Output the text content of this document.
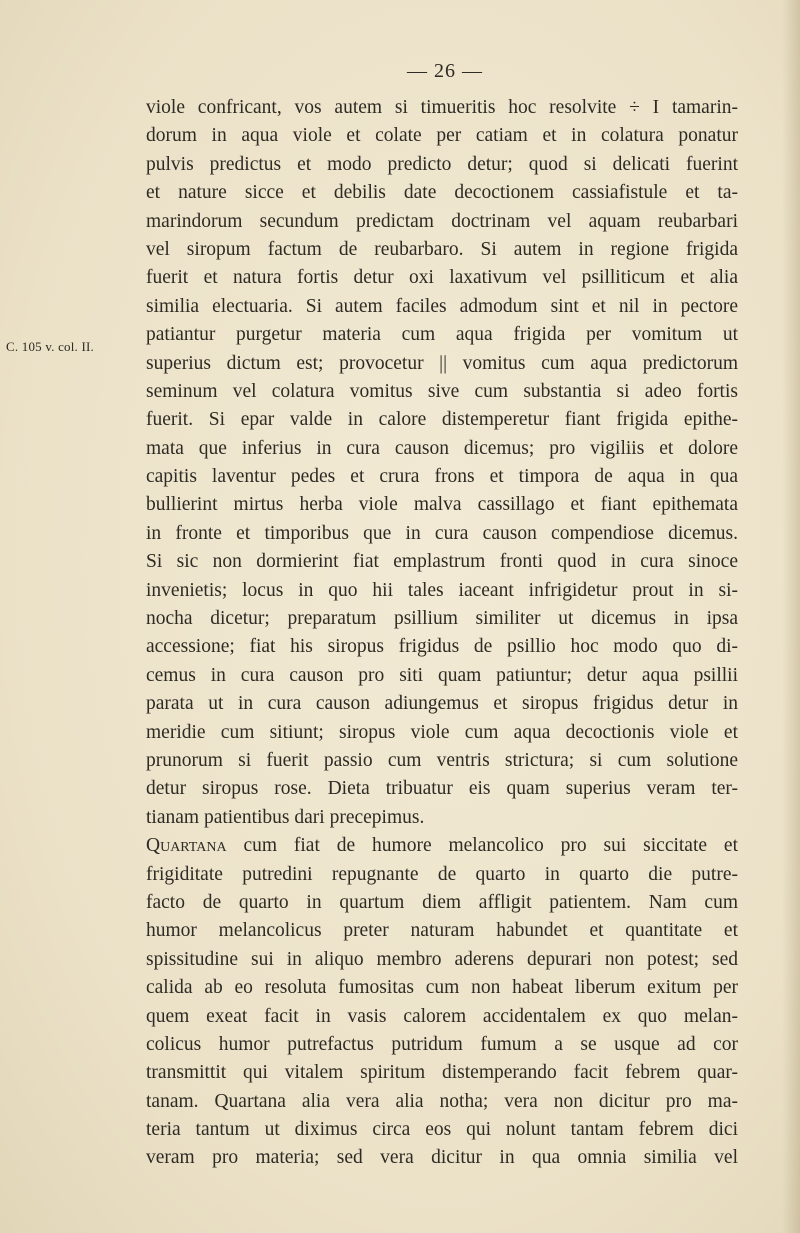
— 26 —
C. 105 v. col. II.
viole confricant, vos autem si timueritis hoc resolvite ÷ I tamarin-
dorum in aqua viole et colate per catiam et in colatura ponatur
pulvis predictus et modo predicto detur; quod si delicati fuerint
et nature sicce et debilis date decoctionem cassiafistule et ta-
marindorum secundum predictam doctrinam vel aquam reubarbari
vel siropum factum de reubarbaro. Si autem in regione frigida
fuerit et natura fortis detur oxi laxativum vel psilliticum et alia
similia electuaria. Si autem faciles admodum sint et nil in pectore
patiantur purgetur materia cum aqua frigida per vomitum ut
superius dictum est; provocetur || vomitus cum aqua predictorum
seminum vel colatura vomitus sive cum substantia si adeo fortis
fuerit. Si epar valde in calore distemperetur fiant frigida epithe-
mata que inferius in cura causon dicemus; pro vigiliis et dolore
capitis laventur pedes et crura frons et timpora de aqua in qua
bullierint mirtus herba viole malva cassillago et fiant epithemata
in fronte et timporibus que in cura causon compendiose dicemus.
Si sic non dormierint fiat emplastrum fronti quod in cura sinoce
invenietis; locus in quo hii tales iaceant infrigidetur prout in si-
nocha dicetur; preparatum psillium similiter ut dicemus in ipsa
accessione; fiat his siropus frigidus de psillio hoc modo quo di-
cemus in cura causon pro siti quam patiuntur; detur aqua psillii
parata ut in cura causon adiungemus et siropus frigidus detur in
meridie cum sitiunt; siropus viole cum aqua decoctionis viole et
prunorum si fuerit passio cum ventris strictura; si cum solutione
detur siropus rose. Dieta tribuatur eis quam superius veram ter-
tianam patientibus dari precepimus.
Quartana cum fiat de humore melancolico pro sui siccitate et
frigiditate putredini repugnante de quarto in quarto die putre-
facto de quarto in quartum diem affligit patientem. Nam cum
humor melancolicus preter naturam habundet et quantitate et
spissitudine sui in aliquo membro aderens depurari non potest; sed
calida ab eo resoluta fumositas cum non habeat liberum exitum per
quem exeat facit in vasis calorem accidentalem ex quo melan-
colicus humor putrefactus putridum fumum a se usque ad cor
transmittit qui vitalem spiritum distemperando facit febrem quar-
tanam. Quartana alia vera alia notha; vera non dicitur pro ma-
teria tantum ut diximus circa eos qui nolunt tantam febrem dici
veram pro materia; sed vera dicitur in qua omnia similia vel
